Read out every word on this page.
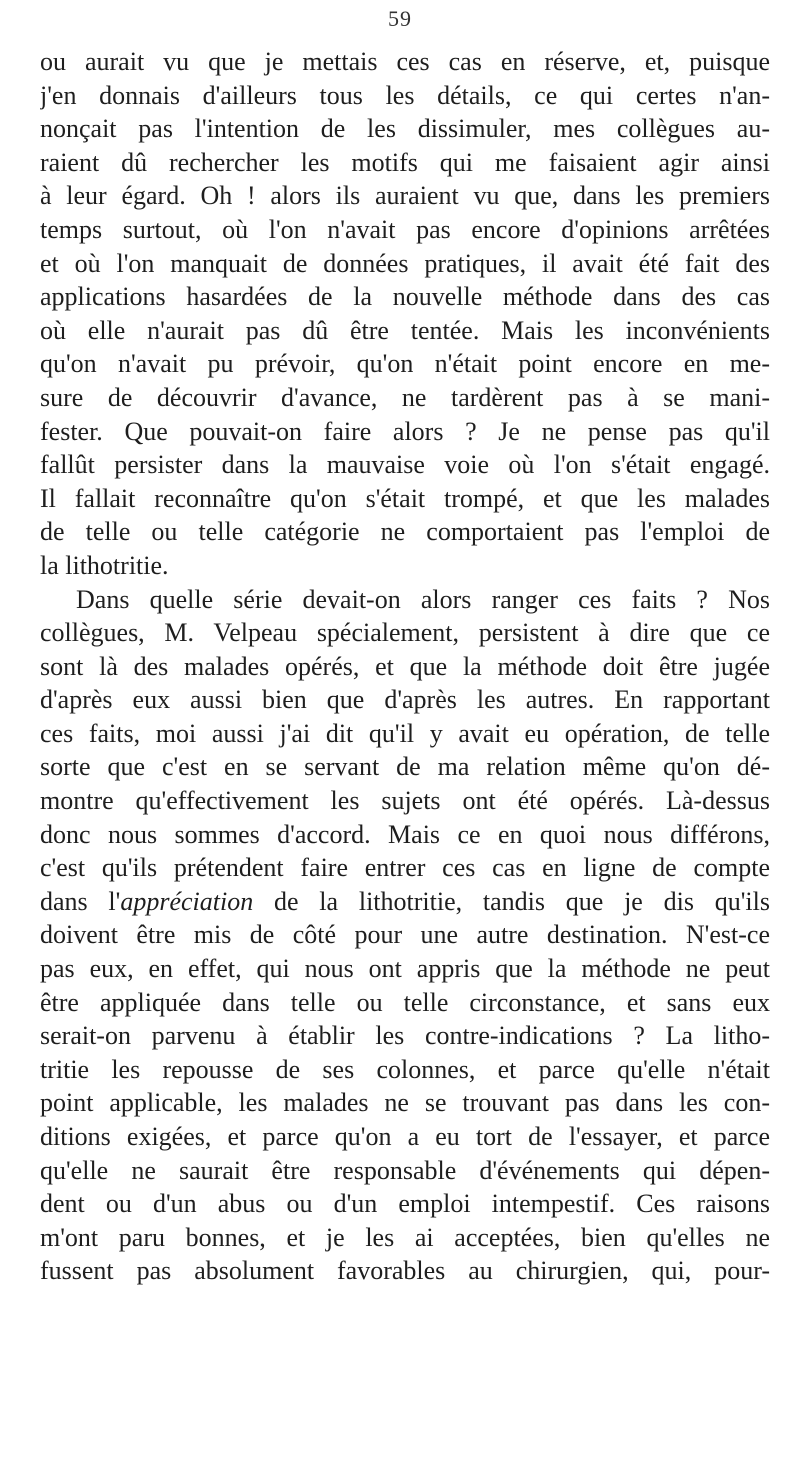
59
ou aurait vu que je mettais ces cas en réserve, et, puisque
j'en donnais d'ailleurs tous les détails, ce qui certes n'an-
nonçait pas l'intention de les dissimuler, mes collègues au-
raient dû rechercher les motifs qui me faisaient agir ainsi
à leur égard. Oh ! alors ils auraient vu que, dans les premiers
temps surtout, où l'on n'avait pas encore d'opinions arrêtées
et où l'on manquait de données pratiques, il avait été fait des
applications hasardées de la nouvelle méthode dans des cas
où elle n'aurait pas dû être tentée. Mais les inconvénients
qu'on n'avait pu prévoir, qu'on n'était point encore en me-
sure de découvrir d'avance, ne tardèrent pas à se mani-
fester. Que pouvait-on faire alors ? Je ne pense pas qu'il
fallût persister dans la mauvaise voie où l'on s'était engagé.
Il fallait reconnaître qu'on s'était trompé, et que les malades
de telle ou telle catégorie ne comportaient pas l'emploi de
la lithotritie.
Dans quelle série devait-on alors ranger ces faits ? Nos
collègues, M. Velpeau spécialement, persistent à dire que ce
sont là des malades opérés, et que la méthode doit être jugée
d'après eux aussi bien que d'après les autres. En rapportant
ces faits, moi aussi j'ai dit qu'il y avait eu opération, de telle
sorte que c'est en se servant de ma relation même qu'on dé-
montre qu'effectivement les sujets ont été opérés. Là-dessus
donc nous sommes d'accord. Mais ce en quoi nous différons,
c'est qu'ils prétendent faire entrer ces cas en ligne de compte
dans l'appréciation de la lithotritie, tandis que je dis qu'ils
doivent être mis de côté pour une autre destination. N'est-ce
pas eux, en effet, qui nous ont appris que la méthode ne peut
être appliquée dans telle ou telle circonstance, et sans eux
serait-on parvenu à établir les contre-indications ? La litho-
tritie les repousse de ses colonnes, et parce qu'elle n'était
point applicable, les malades ne se trouvant pas dans les con-
ditions exigées, et parce qu'on a eu tort de l'essayer, et parce
qu'elle ne saurait être responsable d'événements qui dépen-
dent ou d'un abus ou d'un emploi intempestif. Ces raisons
m'ont paru bonnes, et je les ai acceptées, bien qu'elles ne
fussent pas absolument favorables au chirurgien, qui, pour-
